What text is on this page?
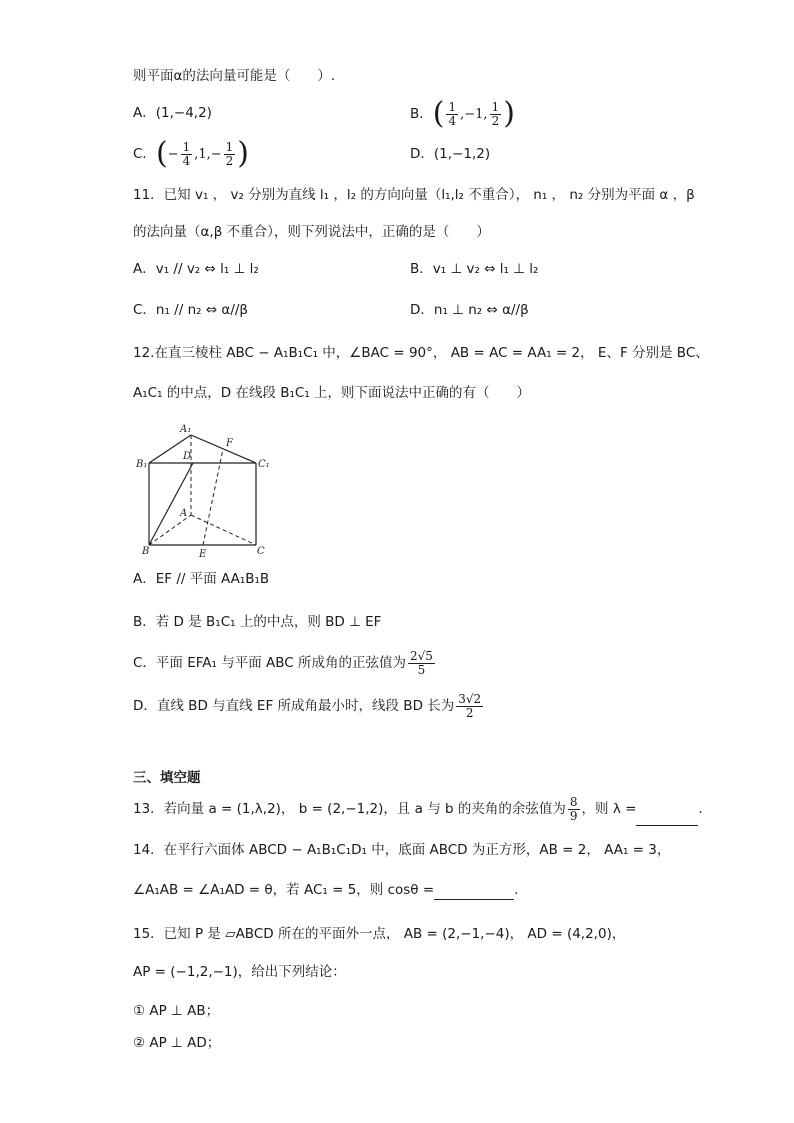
则平面α的法向量可能是（　　）.
A．(1,−4,2)	B．( $\frac{1}{4} ,-1$, $\frac{1}{2}$ )
C．(− $\frac{1}{4} ,1,- \frac{1}{2}$ )	D．(1,−1,2)
11．已知 v₁ ， v₂ 分别为直线 l₁ ，l₂ 的方向向量（l₁,l₂ 不重合）， n₁ ， n₂ 分别为平面 α ，β
的法向量（α,β 不重合），则下列说法中，正确的是（　　）
A．v₁ // v₂ ⇔ l₁ ⊥ l₂	B．v₁ ⊥ v₂ ⇔ l₁ ⊥ l₂
C．n₁ // n₂ ⇔ α//β	D．n₁ ⊥ n₂ ⇔ α//β
12.在直三棱柱 ABC − A₁B₁C₁ 中，∠BAC = 90°， AB = AC = AA₁ = 2， E、F 分别是 BC、
A₁C₁ 的中点，D 在线段 B₁C₁ 上，则下面说法中正确的有（　　）
A₁
F
B₁
D
C₁
A
B	E	C
A．EF // 平面 AA₁B₁B
B．若 D 是 B₁C₁ 上的中点，则 BD ⊥ EF
C．平面 EFA₁ 与平面 ABC 所成角的正弦值为 $\frac{2√5}{5}$
D．直线 BD 与直线 EF 所成角最小时，线段 BD 长为 $\frac{3√2}{2}$
三、填空题
13．若向量 a = (1,λ,2)， b = (2,−1,2)，且 a 与 b 的夹角的余弦值为 $\frac{8}{9}$ ，则 λ =	.
14．在平行六面体 ABCD − A₁B₁C₁D₁ 中，底面 ABCD 为正方形，AB = 2， AA₁ = 3，
∠A₁AB = ∠A₁AD = θ，若 AC₁ = 5，则 cosθ =	.
15．已知 P 是 ▱ABCD 所在的平面外一点， AB = (2,−1,−4)， AD = (4,2,0)，
AP = (−1,2,−1)，给出下列结论：
① AP ⊥ AB；
② AP ⊥ AD；
